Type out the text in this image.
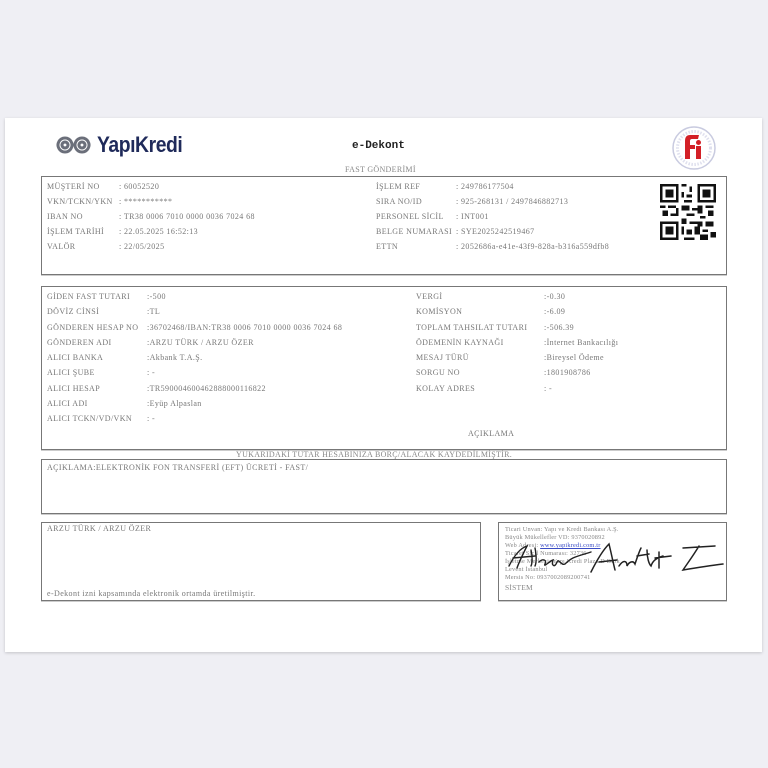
YapıKredi	e-Dekont
FAST GÖNDERİMİ
MÜŞTERİ NO : 60052520
VKN/TCKN/YKN : ***********
IBAN NO	: TR38 0006 7010 0000 0036 7024 68
İŞLEM TARİHİ : 22.05.2025 16:52:13
VALÖR	: 22/05/2025
İŞLEM REF	: 249786177504
SIRA NO/ID	: 925-268131 / 2497846882713
PERSONEL SİCİL : INT001
BELGE NUMARASI : SYE2025242519467
ETTN	: 2052686a-e41e-43f9-828a-b316a559dfb8
GİDEN FAST TUTARI :-500
DÖVİZ CİNSİ	:TL
GÖNDEREN HESAP NO :36702468/IBAN:TR38 0006 7010 0000 0036 7024 68
GÖNDEREN ADI	:ARZU TÜRK / ARZU ÖZER
ALICI BANKA	:Akbank T.A.Ş.
ALICI ŞUBE	: -
ALICI HESAP	:TR590004600462888000116822
ALICI ADI	:Eyüp Alpaslan
ALICI TCKN/VD/VKN : -
VERGİ	:-0.30
KOMİSYON	:-6.09
TOPLAM TAHSILAT TUTARI :-506.39
ÖDEMENİN KAYNAĞI	:İnternet Bankacılığı
MESAJ TÜRÜ	:Bireysel Ödeme
SORGU NO	:1801908786
KOLAY ADRES	: -
AÇIKLAMA
YUKARIDAKİ TUTAR HESABINIZA BORÇ/ALACAK KAYDEDİLMİŞTİR.
AÇIKLAMA:ELEKTRONİK FON TRANSFERİ (EFT) ÜCRETİ - FAST/
ARZU TÜRK / ARZU ÖZER
e-Dekont izni kapsamında elektronik ortamda üretilmiştir.
Ticari Unvan: Yapı ve Kredi Bankası A.Ş.
Büyük Mükellefler VD: 9370020892
Web Adresi: www.yapikredi.com.tr
Ticaret Sicil Numarası: 32736
İşletme Merkezi: Yapı Kredi Plaza D Blok
Levent İstanbul
Mersis No: 0937002089200741
SİSTEM
